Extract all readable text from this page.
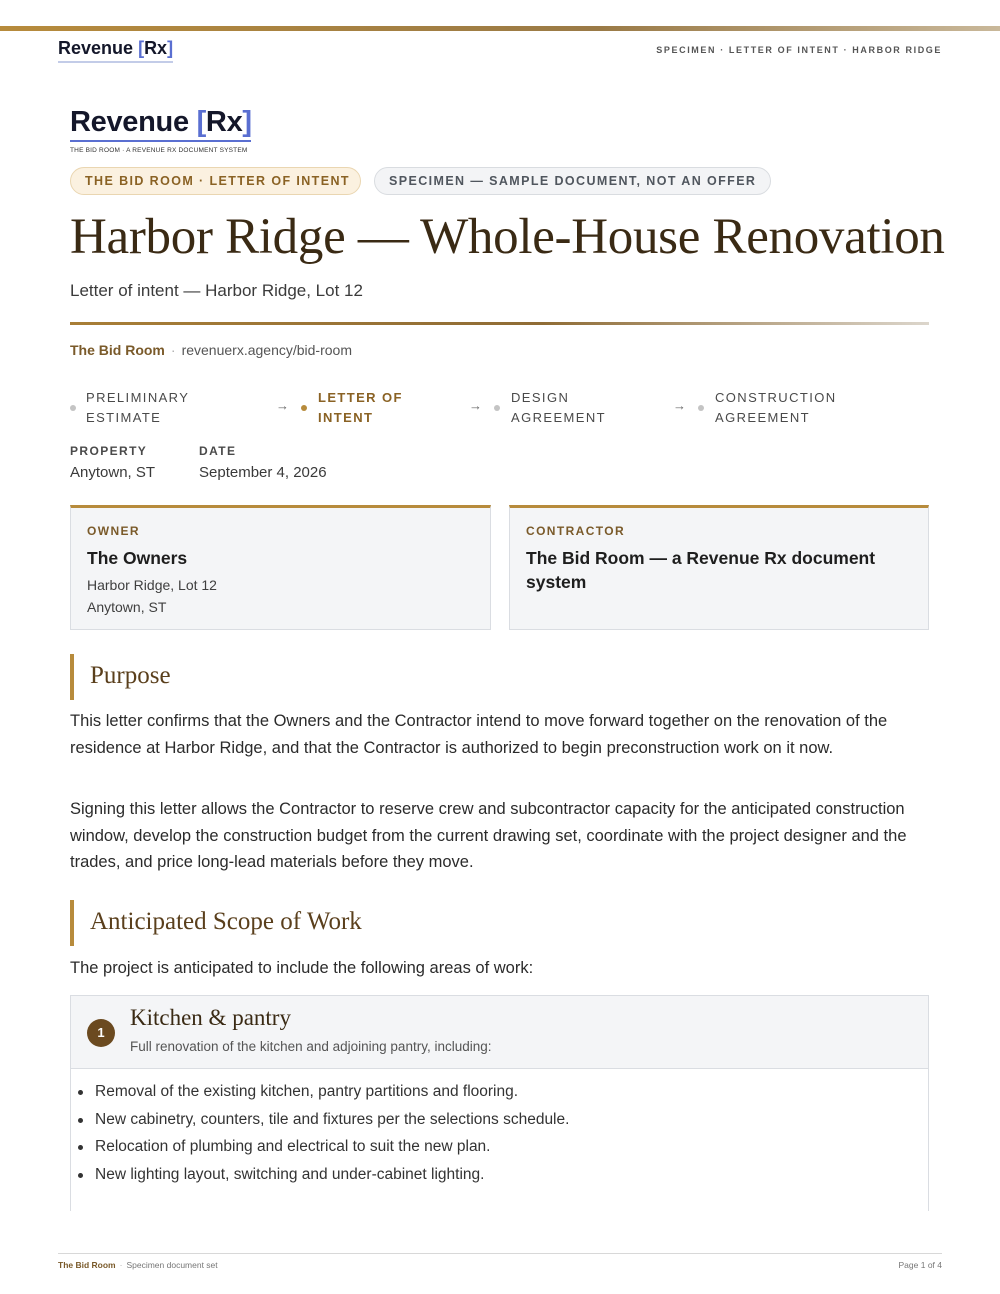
Revenue [Rx]	SPECIMEN · LETTER OF INTENT · HARBOR RIDGE
Revenue [Rx]
THE BID ROOM · A REVENUE RX DOCUMENT SYSTEM
THE BID ROOM · LETTER OF INTENT	SPECIMEN — SAMPLE DOCUMENT, NOT AN OFFER
Harbor Ridge — Whole-House Renovation
Letter of intent — Harbor Ridge, Lot 12
The Bid Room · revenuerx.agency/bid-room
PRELIMINARY
ESTIMATE
→
LETTER OF
INTENT
→
DESIGN
AGREEMENT
→
CONSTRUCTION
AGREEMENT
PROPERTY
Anytown, ST
DATE
September 4, 2026
OWNER
The Owners
Harbor Ridge, Lot 12
Anytown, ST
CONTRACTOR
The Bid Room — a Revenue Rx document system
Purpose
This letter confirms that the Owners and the Contractor intend to move forward together on the renovation of the residence at Harbor Ridge, and that the Contractor is authorized to begin preconstruction work on it now.
Signing this letter allows the Contractor to reserve crew and subcontractor capacity for the anticipated construction window, develop the construction budget from the current drawing set, coordinate with the project designer and the trades, and price long-lead materials before they move.
Anticipated Scope of Work
The project is anticipated to include the following areas of work:
1
Kitchen & pantry
Full renovation of the kitchen and adjoining pantry, including:
Removal of the existing kitchen, pantry partitions and flooring.
New cabinetry, counters, tile and fixtures per the selections schedule.
Relocation of plumbing and electrical to suit the new plan.
New lighting layout, switching and under-cabinet lighting.
The Bid Room · Specimen document set	Page 1 of 4
